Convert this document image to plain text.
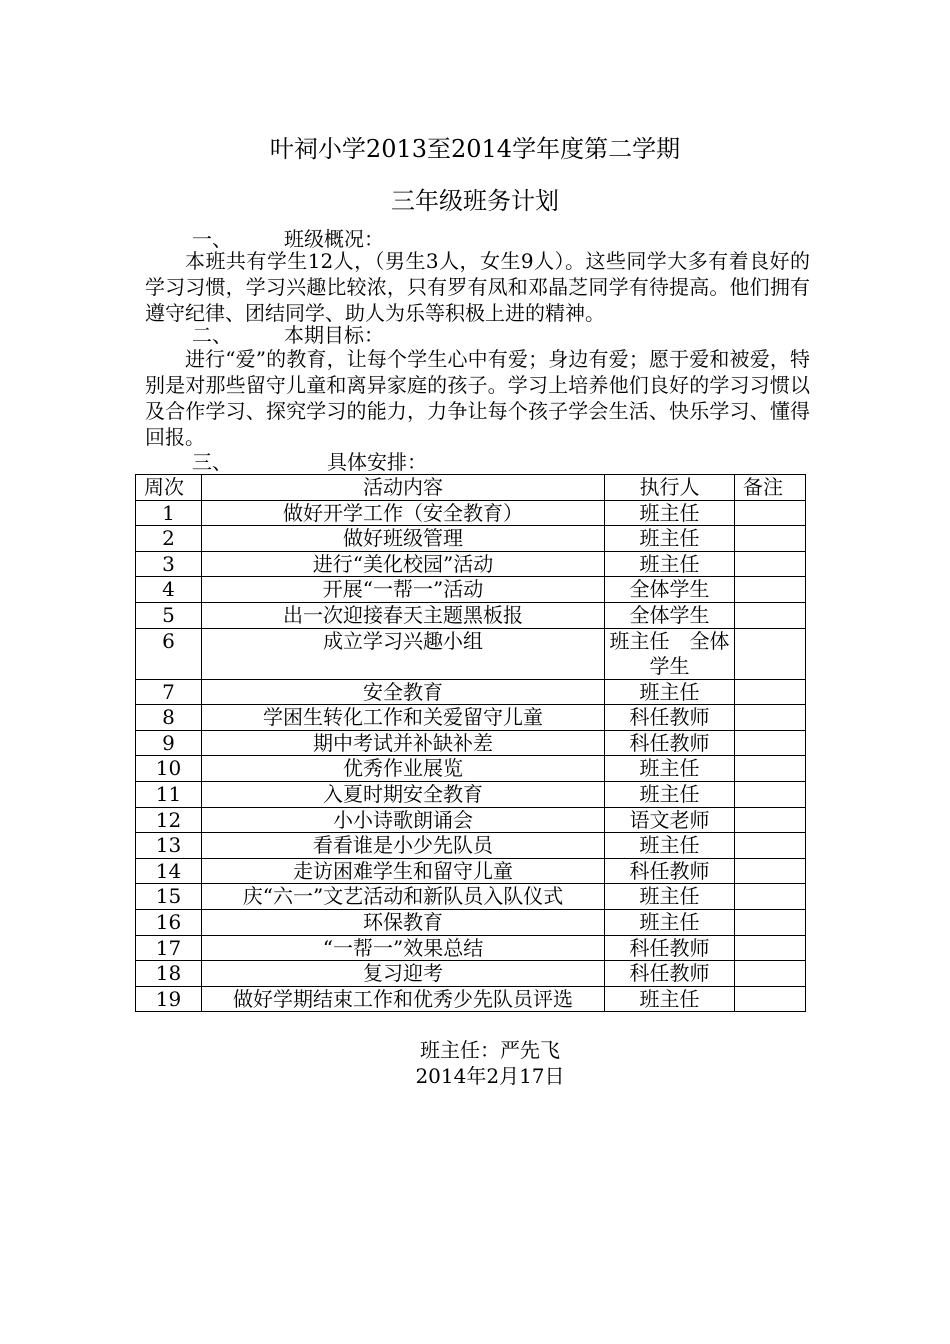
叶祠小学2013至2014学年度第二学期
三年级班务计划
一、	班级概况：
本班共有学生12人，（男生3人，女生9人）。这些同学大多有着良好的学习习惯，学习兴趣比较浓，只有罗有凤和邓晶芝同学有待提高。他们拥有遵守纪律、团结同学、助人为乐等积极上进的精神。
二、	本期目标：
进行“爱”的教育，让每个学生心中有爱；身边有爱；愿于爱和被爱，特别是对那些留守儿童和离异家庭的孩子。学习上培养他们良好的学习习惯以及合作学习、探究学习的能力，力争让每个孩子学会生活、快乐学习、懂得回报。
三、	具体安排：
周次	活动内容	执行人	备注
1	做好开学工作（安全教育）	班主任	
2	做好班级管理	班主任	
3	进行“美化校园”活动	班主任	
4	开展“一帮一”活动	全体学生	
5	出一次迎接春天主题黑板报	全体学生	
6	成立学习兴趣小组	班主任　全体学生	
7	安全教育	班主任	
8	学困生转化工作和关爱留守儿童	科任教师	
9	期中考试并补缺补差	科任教师	
10	优秀作业展览	班主任	
11	入夏时期安全教育	班主任	
12	小小诗歌朗诵会	语文老师	
13	看看谁是小少先队员	班主任	
14	走访困难学生和留守儿童	科任教师	
15	庆“六一”文艺活动和新队员入队仪式	班主任	
16	环保教育	班主任	
17	“一帮一”效果总结	科任教师	
18	复习迎考	科任教师	
19	做好学期结束工作和优秀少先队员评选	班主任	
班主任：严先飞
2014年2月17日
